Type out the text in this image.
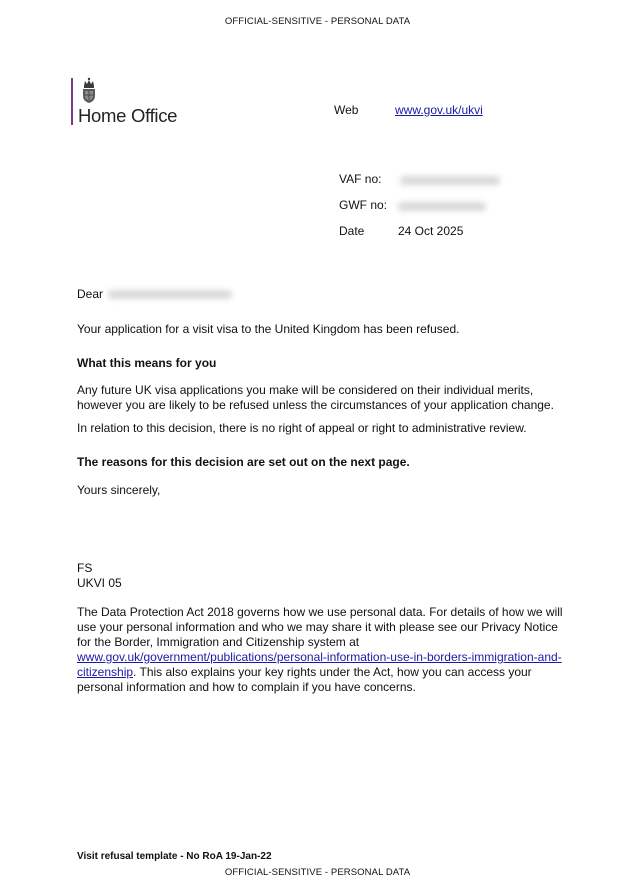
OFFICIAL-SENSITIVE - PERSONAL DATA
Home Office	Web	www.gov.uk/ukvi
VAF no:
GWF no:
Date	24 Oct 2025
Dear
Your application for a visit visa to the United Kingdom has been refused.
What this means for you
Any future UK visa applications you make will be considered on their individual merits,
however you are likely to be refused unless the circumstances of your application change.
In relation to this decision, there is no right of appeal or right to administrative review.
The reasons for this decision are set out on the next page.
Yours sincerely,
FS
UKVI 05
The Data Protection Act 2018 governs how we use personal data. For details of how we will
use your personal information and who we may share it with please see our Privacy Notice
for the Border, Immigration and Citizenship system at
www.gov.uk/government/publications/personal-information-use-in-borders-immigration-and-
citizenship. This also explains your key rights under the Act, how you can access your
personal information and how to complain if you have concerns.
Visit refusal template - No RoA 19-Jan-22
OFFICIAL-SENSITIVE - PERSONAL DATA
